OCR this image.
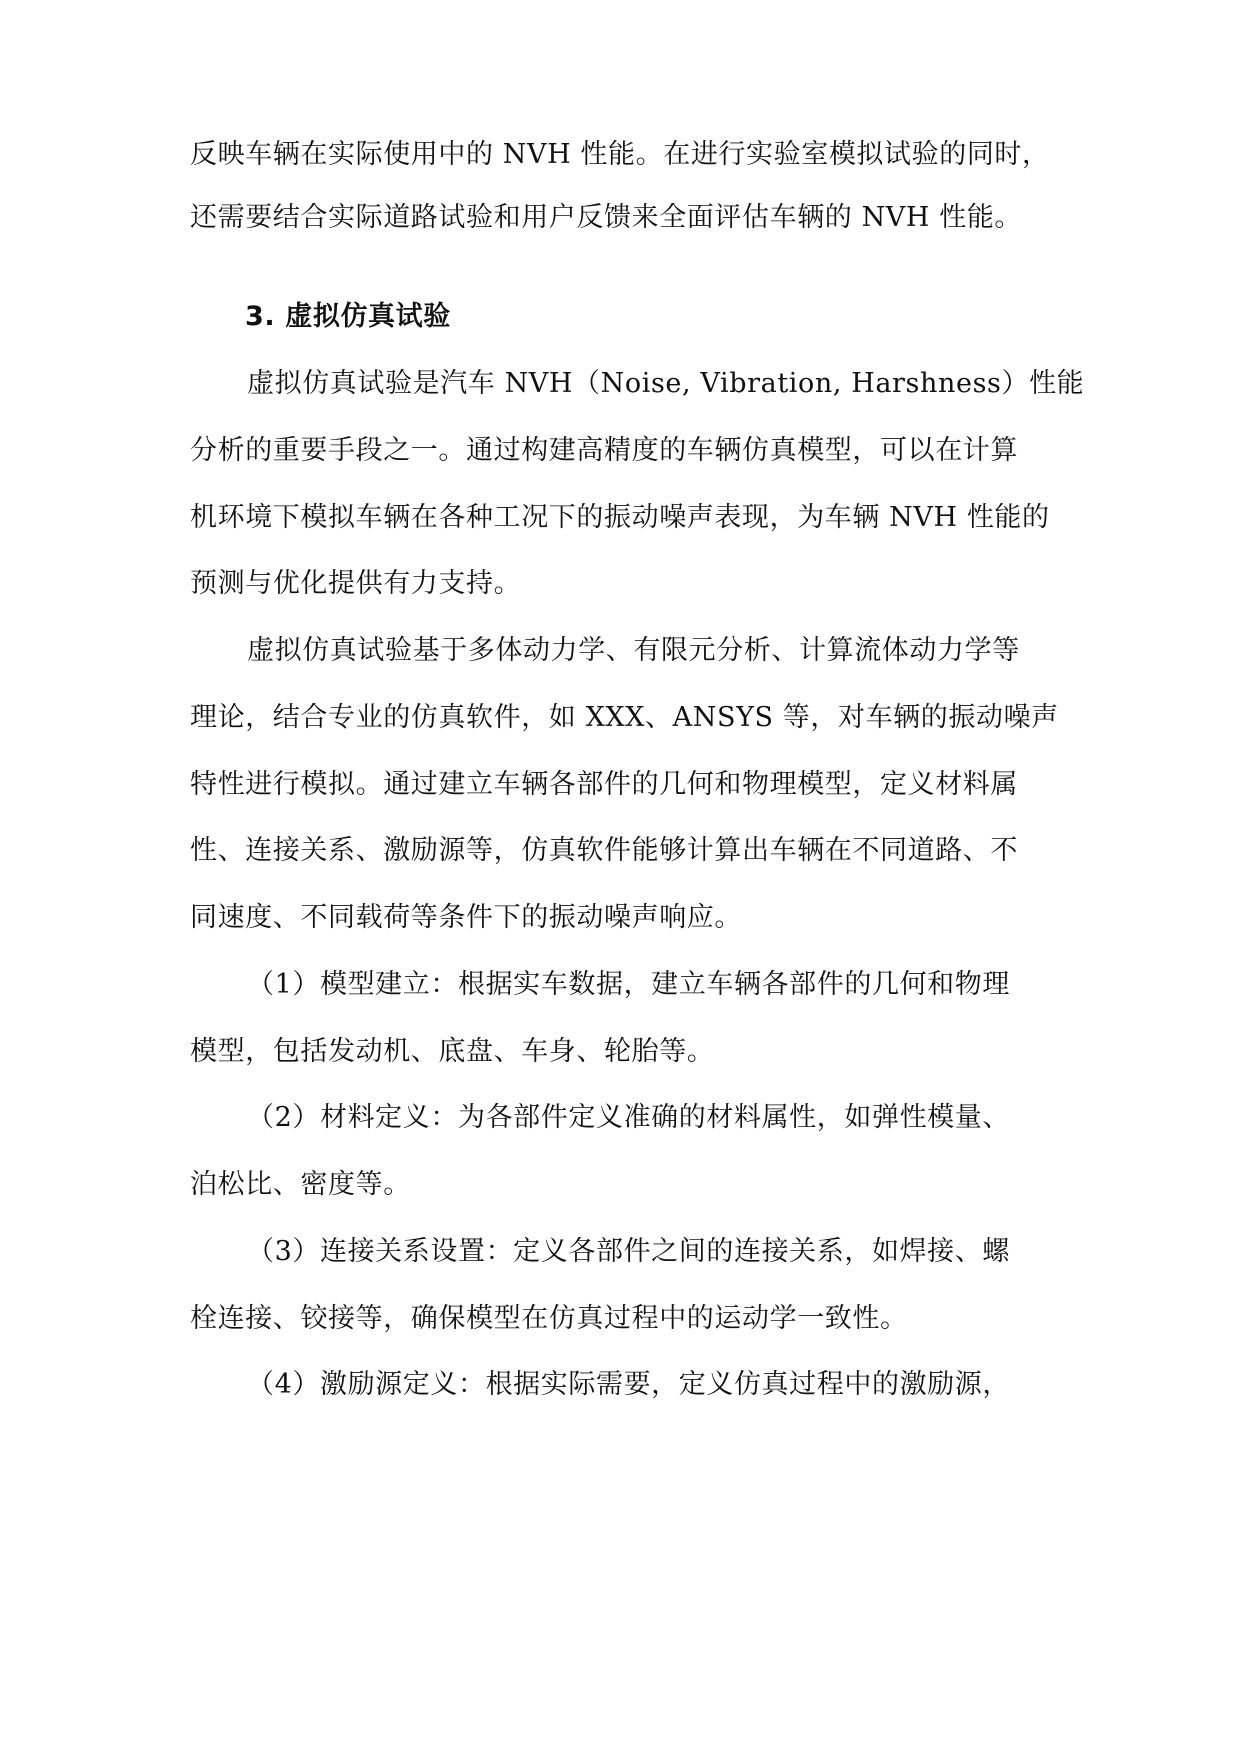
反映车辆在实际使用中的 NVH 性能。在进行实验室模拟试验的同时，
还需要结合实际道路试验和用户反馈来全面评估车辆的 NVH 性能。
3. 虚拟仿真试验
虚拟仿真试验是汽车 NVH（Noise, Vibration, Harshness）性能
分析的重要手段之一。通过构建高精度的车辆仿真模型，可以在计算
机环境下模拟车辆在各种工况下的振动噪声表现，为车辆 NVH 性能的
预测与优化提供有力支持。
虚拟仿真试验基于多体动力学、有限元分析、计算流体动力学等
理论，结合专业的仿真软件，如 XXX、ANSYS 等，对车辆的振动噪声
特性进行模拟。通过建立车辆各部件的几何和物理模型，定义材料属
性、连接关系、激励源等，仿真软件能够计算出车辆在不同道路、不
同速度、不同载荷等条件下的振动噪声响应。
（1）模型建立：根据实车数据，建立车辆各部件的几何和物理
模型，包括发动机、底盘、车身、轮胎等。
（2）材料定义：为各部件定义准确的材料属性，如弹性模量、
泊松比、密度等。
（3）连接关系设置：定义各部件之间的连接关系，如焊接、螺
栓连接、铰接等，确保模型在仿真过程中的运动学一致性。
（4）激励源定义：根据实际需要，定义仿真过程中的激励源，
